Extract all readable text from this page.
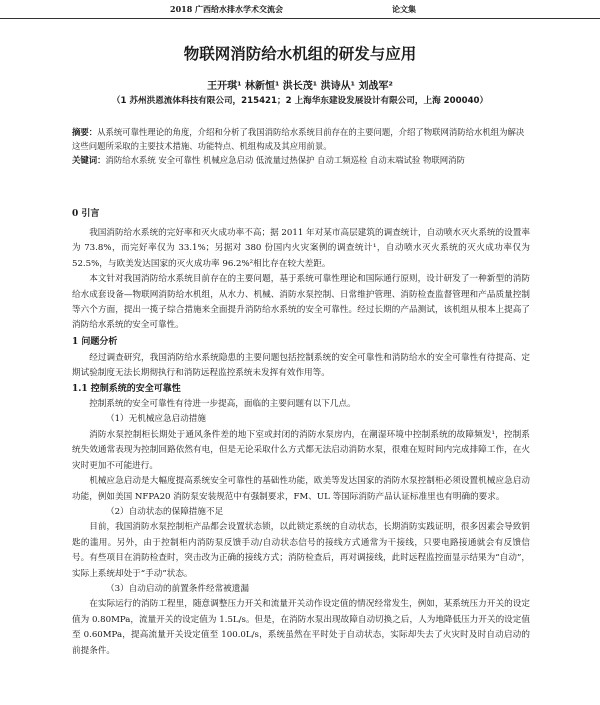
2018 广西给水排水学术交流会	论文集
物联网消防给水机组的研发与应用
王开琪¹ 林新恒¹ 洪长茂¹ 洪诗从¹ 刘战军²
（1 苏州洪恩流体科技有限公司，215421；2 上海华东建设发展设计有限公司，上海 200040）

摘要：从系统可靠性理论的角度，介绍和分析了我国消防给水系统目前存在的主要问题，介绍了物联网消防给水机组为解决这些问题所采取的主要技术措施、功能特点、机组构成及其应用前景。

关键词：消防给水系统 安全可靠性 机械应急启动 低流量过热保护 自动工频巡检 自动末端试验 物联网消防

0 引言

我国消防给水系统的完好率和灭火成功率不高；据 2011 年对某市高层建筑的调查统计，自动喷水灭火系统的设置率为 73.8%，而完好率仅为 33.1%；另据对 380 份国内火灾案例的调查统计¹，自动喷水灭火系统的灭火成功率仅为 52.5%，与欧美发达国家的灭火成功率 96.2%²相比存在较大差距。

本文针对我国消防给水系统目前存在的主要问题，基于系统可靠性理论和国际通行原则，设计研发了一种新型的消防给水成套设备—物联网消防给水机组，从水力、机械、消防水泵控制、日常维护管理、消防检查监督管理和产品质量控制等六个方面，提出一揽子综合措施来全面提升消防给水系统的安全可靠性。经过长期的产品测试，该机组从根本上提高了消防给水系统的安全可靠性。

1 问题分析

经过调查研究，我国消防给水系统隐患的主要问题包括控制系统的安全可靠性和消防给水的安全可靠性有待提高、定期试验制度无法长期彻执行和消防远程监控系统未发挥有效作用等。

1.1 控制系统的安全可靠性

控制系统的安全可靠性有待进一步提高，面临的主要问题有以下几点。

（1）无机械应急启动措施

消防水泵控制柜长期处于通风条件差的地下室或封闭的消防水泵房内，在潮湿环境中控制系统的故障频发¹，控制系统失效通常表现为控制回路依然有电，但是无论采取什么方式都无法启动消防水泵，很难在短时间内完成排障工作，在火灾时更加不可能进行。

机械应急启动是大幅度提高系统安全可靠性的基础性功能，欧美等发达国家的消防水泵控制柜必须设置机械应急启动功能，例如美国 NFPA20 消防泵安装规范中有强制要求，FM、UL 等国际消防产品认证标准里也有明确的要求。

（2）自动状态的保障措施不足

目前，我国消防水泵控制柜产品都会设置状态锁，以此锁定系统的自动状态，长期消防实践证明，很多因素会导致钥匙的滥用。另外，由于控制柜内消防泵反馈手动/自动状态信号的接线方式通常为干接线，只要电路接通就会有反馈信号。有些项目在消防检查时，突击改为正确的接线方式；消防检查后，再对调接线，此时远程监控面显示结果为“自动”，实际上系统却处于“手动”状态。

（3）自动启动的前置条件经常被遗漏

在实际运行的消防工程里，随意调整压力开关和流量开关动作设定值的情况经常发生，例如，某系统压力开关的设定值为 0.80MPa，流量开关的设定值为 1.5L/s。但是，在消防水泵出现故障自动切换之后，人为地降低压力开关的设定值至 0.60MPa，提高流量开关设定值至 100.0L/s，系统虽然在平时处于自动状态，实际却失去了火灾时及时自动启动的前提条件。
